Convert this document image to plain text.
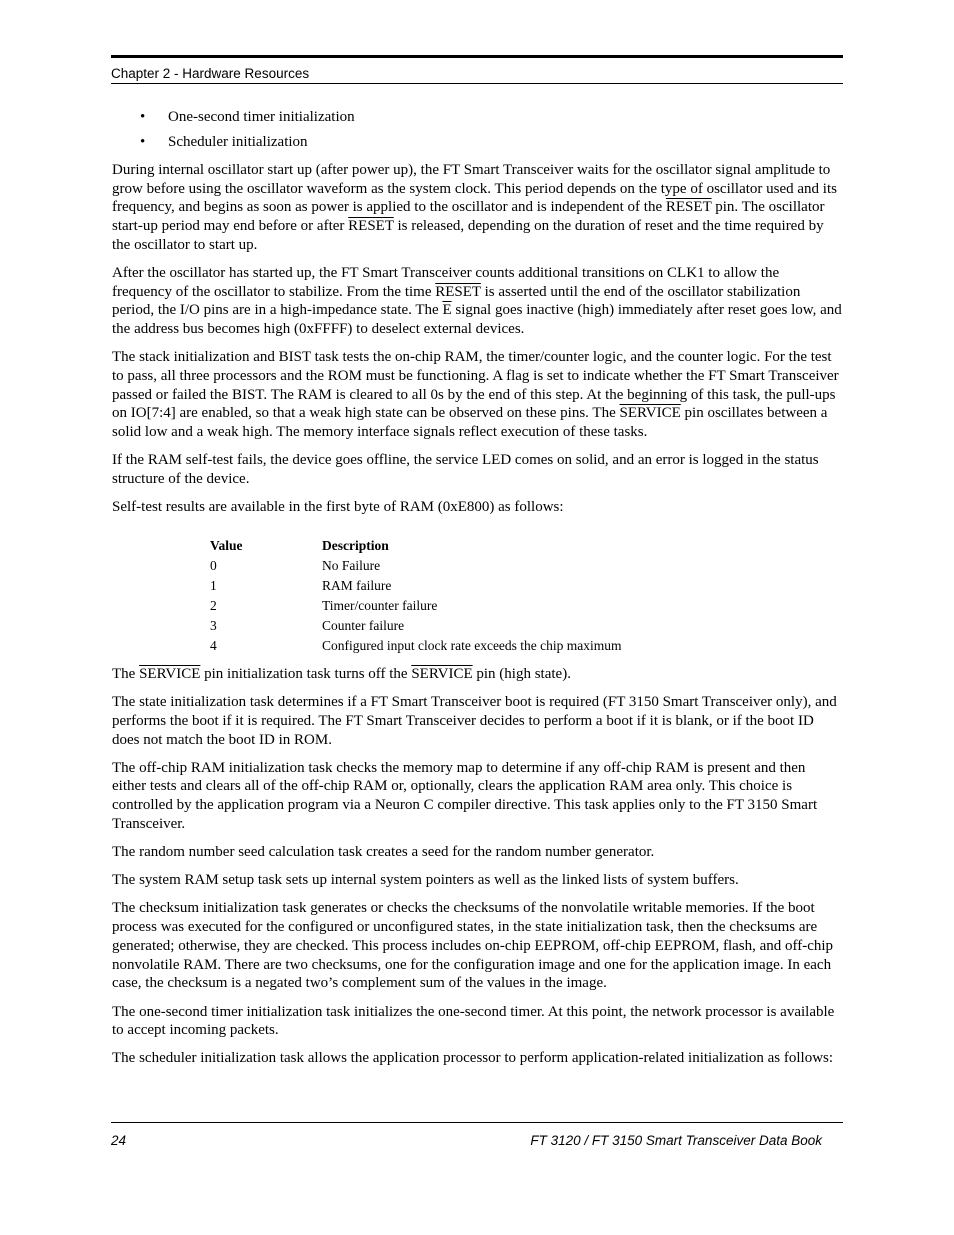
Chapter 2 - Hardware Resources
• One-second timer initialization
• Scheduler initialization

During internal oscillator start up (after power up), the FT Smart Transceiver waits for the oscillator signal amplitude to grow before using the oscillator waveform as the system clock. This period depends on the type of oscillator used and its frequency, and begins as soon as power is applied to the oscillator and is independent of the RESET pin. The oscillator start-up period may end before or after RESET is released, depending on the duration of reset and the time required by the oscillator to start up.

After the oscillator has started up, the FT Smart Transceiver counts additional transitions on CLK1 to allow the frequency of the oscillator to stabilize. From the time RESET is asserted until the end of the oscillator stabilization period, the I/O pins are in a high-impedance state. The $\overline{E}$ signal goes inactive (high) immediately after reset goes low, and the address bus becomes high (0xFFFF) to deselect external devices.

The stack initialization and BIST task tests the on-chip RAM, the timer/counter logic, and the counter logic. For the test to pass, all three processors and the ROM must be functioning. A flag is set to indicate whether the FT Smart Transceiver passed or failed the BIST. The RAM is cleared to all 0s by the end of this step. At the beginning of this task, the pull-ups on IO[7:4] are enabled, so that a weak high state can be observed on these pins. The SERVICE pin oscillates between a solid low and a weak high. The memory interface signals reflect execution of these tasks.

If the RAM self-test fails, the device goes offline, the service LED comes on solid, and an error is logged in the status structure of the device.

Self-test results are available in the first byte of RAM (0xE800) as follows:

Value	Description
0	No Failure
1	RAM failure
2	Timer/counter failure
3	Counter failure
4	Configured input clock rate exceeds the chip maximum

The SERVICE pin initialization task turns off the SERVICE pin (high state).

The state initialization task determines if a FT Smart Transceiver boot is required (FT 3150 Smart Transceiver only), and performs the boot if it is required. The FT Smart Transceiver decides to perform a boot if it is blank, or if the boot ID does not match the boot ID in ROM.

The off-chip RAM initialization task checks the memory map to determine if any off-chip RAM is present and then either tests and clears all of the off-chip RAM or, optionally, clears the application RAM area only. This choice is controlled by the application program via a Neuron C compiler directive. This task applies only to the FT 3150 Smart Transceiver.

The random number seed calculation task creates a seed for the random number generator.

The system RAM setup task sets up internal system pointers as well as the linked lists of system buffers.

The checksum initialization task generates or checks the checksums of the nonvolatile writable memories. If the boot process was executed for the configured or unconfigured states, in the state initialization task, then the checksums are generated; otherwise, they are checked. This process includes on-chip EEPROM, off-chip EEPROM, flash, and off-chip nonvolatile RAM. There are two checksums, one for the configuration image and one for the application image. In each case, the checksum is a negated two’s complement sum of the values in the image.

The one-second timer initialization task initializes the one-second timer. At this point, the network processor is available to accept incoming packets.

The scheduler initialization task allows the application processor to perform application-related initialization as follows:

24	FT 3120 / FT 3150 Smart Transceiver Data Book
